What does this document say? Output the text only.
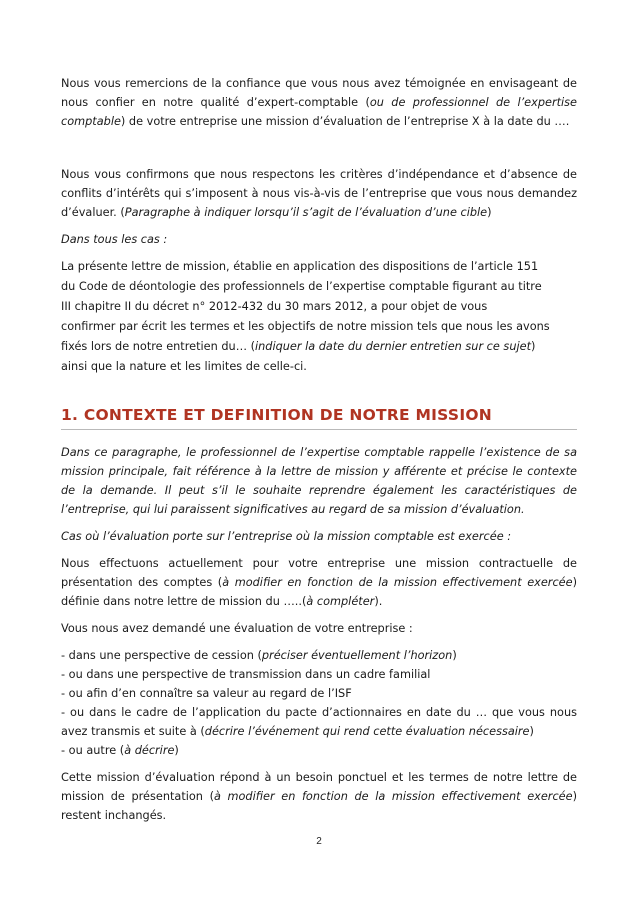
Nous vous remercions de la confiance que vous nous avez témoignée en envisageant de nous confier en notre qualité d’expert-comptable (ou de professionnel de l’expertise comptable) de votre entreprise une mission d’évaluation de l’entreprise X à la date du ….

Nous vous confirmons que nous respectons les critères d’indépendance et d’absence de conflits d’intérêts qui s’imposent à nous vis-à-vis de l’entreprise que vous nous demandez d’évaluer. (Paragraphe à indiquer lorsqu’il s’agit de l’évaluation d’une cible)

Dans tous les cas :

La présente lettre de mission, établie en application des dispositions de l’article 151
du Code de déontologie des professionnels de l’expertise comptable figurant au titre
III chapitre II du décret n° 2012-432 du 30 mars 2012, a pour objet de vous
confirmer par écrit les termes et les objectifs de notre mission tels que nous les avons
fixés lors de notre entretien du… (indiquer la date du dernier entretien sur ce sujet)
ainsi que la nature et les limites de celle-ci.
1. CONTEXTE ET DEFINITION DE NOTRE MISSION

Dans ce paragraphe, le professionnel de l’expertise comptable rappelle l’existence de sa mission principale, fait référence à la lettre de mission y afférente et précise le contexte de la demande. Il peut s’il le souhaite reprendre également les caractéristiques de l’entreprise, qui lui paraissent significatives au regard de sa mission d’évaluation.

Cas où l’évaluation porte sur l’entreprise où la mission comptable est exercée :

Nous effectuons actuellement pour votre entreprise une mission contractuelle de présentation des comptes (à modifier en fonction de la mission effectivement exercée) définie dans notre lettre de mission du …..(à compléter).

Vous nous avez demandé une évaluation de votre entreprise :

- dans une perspective de cession (préciser éventuellement l’horizon)
- ou dans une perspective de transmission dans un cadre familial
- ou afin d’en connaître sa valeur au regard de l’ISF

- ou dans le cadre de l’application du pacte d’actionnaires en date du … que vous nous avez transmis et suite à (décrire l’événement qui rend cette évaluation nécessaire)

- ou autre (à décrire)

Cette mission d’évaluation répond à un besoin ponctuel et les termes de notre lettre de mission de présentation (à modifier en fonction de la mission effectivement exercée) restent inchangés.

2
